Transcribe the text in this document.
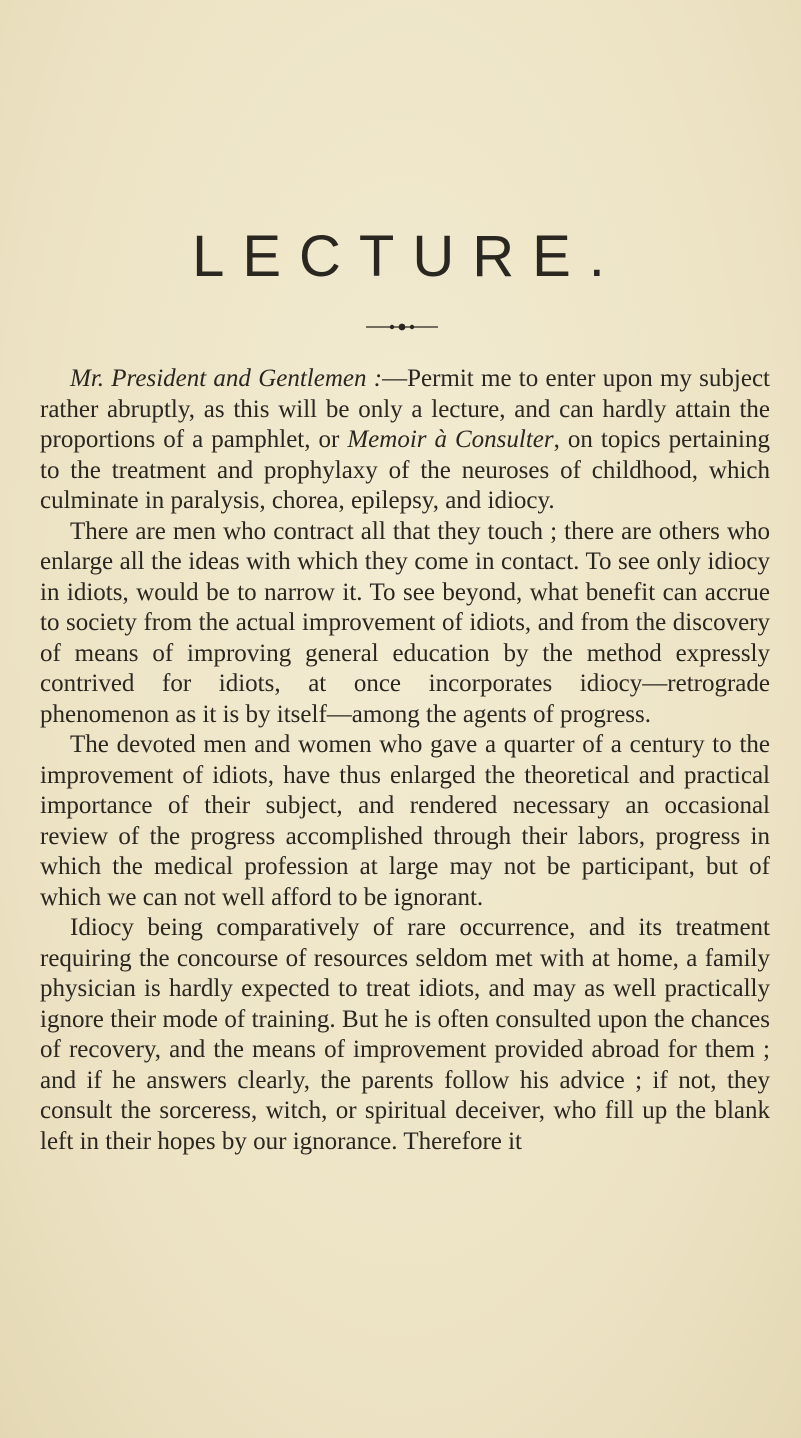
LECTURE.

Mr. President and Gentlemen :—Permit me to enter upon my subject rather abruptly, as this will be only a lecture, and can hardly attain the proportions of a pamphlet, or Memoir à Consulter, on topics pertaining to the treatment and prophylaxy of the neuroses of childhood, which culminate in paralysis, chorea, epilepsy, and idiocy.

There are men who contract all that they touch ; there are others who enlarge all the ideas with which they come in contact. To see only idiocy in idiots, would be to narrow it. To see beyond, what benefit can accrue to society from the actual improvement of idiots, and from the discovery of means of improving general education by the method expressly contrived for idiots, at once incorporates idiocy—retrograde phenomenon as it is by itself—among the agents of progress.

The devoted men and women who gave a quarter of a century to the improvement of idiots, have thus enlarged the theoretical and practical importance of their subject, and rendered necessary an occasional review of the progress accomplished through their labors, progress in which the medical profession at large may not be participant, but of which we can not well afford to be ignorant.

Idiocy being comparatively of rare occurrence, and its treatment requiring the concourse of resources seldom met with at home, a family physician is hardly expected to treat idiots, and may as well practically ignore their mode of training. But he is often consulted upon the chances of recovery, and the means of improvement provided abroad for them ; and if he answers clearly, the parents follow his advice ; if not, they consult the sorceress, witch, or spiritual deceiver, who fill up the blank left in their hopes by our ignorance. Therefore it
